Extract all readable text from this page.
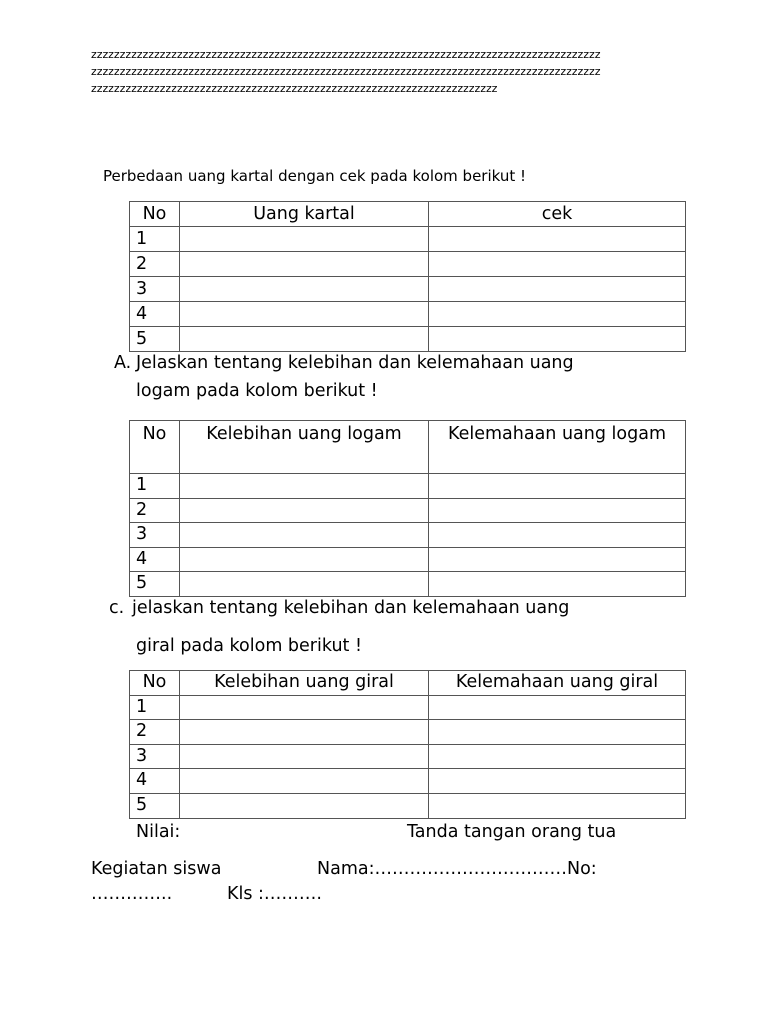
zzzzzzzzzzzzzzzzzzzzzzzzzzzzzzzzzzzzzzzzzzzzzzzzzzzzzzzzzzzzzzzzzzzzzzzzzzzzzzzzzzzzzzzzz
zzzzzzzzzzzzzzzzzzzzzzzzzzzzzzzzzzzzzzzzzzzzzzzzzzzzzzzzzzzzzzzzzzzzzzzzzzzzzzzzzzzzzzzzz
zzzzzzzzzzzzzzzzzzzzzzzzzzzzzzzzzzzzzzzzzzzzzzzzzzzzzzzzzzzzzzzzzzzzzzz
Perbedaan uang kartal dengan cek pada kolom berikut !
No	Uang kartal	cek
1		
2		
3		
4		
5		
A. Jelaskan tentang kelebihan dan kelemahaan uang
logam pada kolom berikut !
No	Kelebihan uang logam	Kelemahaan uang logam
1		
2		
3		
4		
5		
c. jelaskan tentang kelebihan dan kelemahaan uang
giral pada kolom berikut !
No	Kelebihan uang giral	Kelemahaan uang giral
1		
2		
3		
4		
5		
Nilai:	Tanda tangan orang tua
Kegiatan siswa	Nama:……………………………No:
…………..	Kls :……….
